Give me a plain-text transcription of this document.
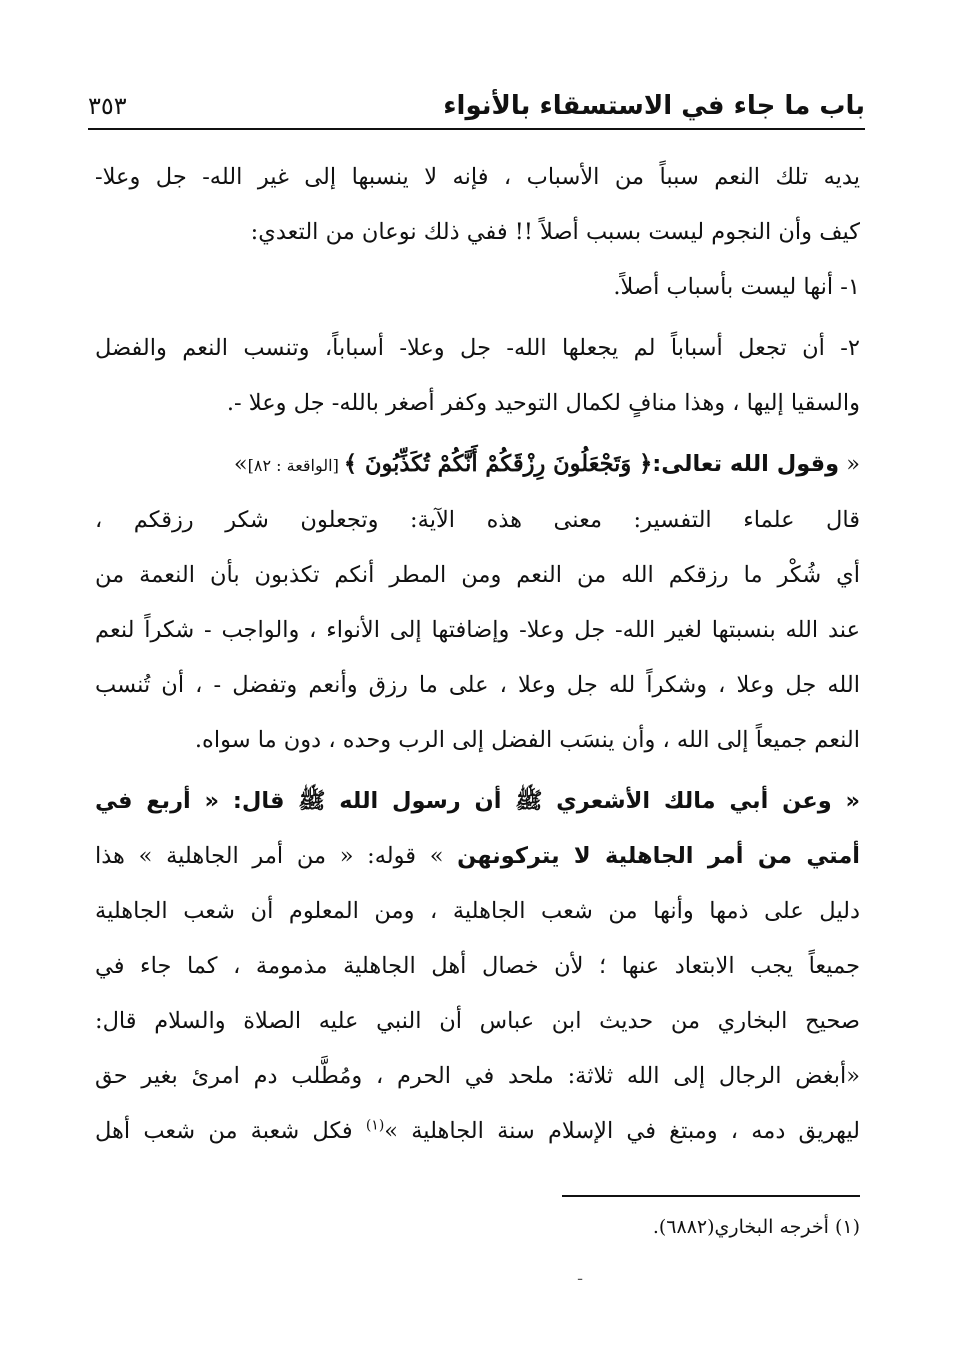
باب ما جاء في الاستسقاء بالأنواء
٣٥٣

يديه تلك النعم سبباً من الأسباب ، فإنه لا ينسبها إلى غير الله- جل وعلا-

كيف وأن النجوم ليست بسبب أصلاً !! ففي ذلك نوعان من التعدي:

١- أنها ليست بأسباب أصلاً.

٢- أن تجعل أسباباً لم يجعلها الله- جل وعلا- أسباباً، وتنسب النعم والفضل

والسقيا إليها ، وهذا منافٍ لكمال التوحيد وكفر أصغر بالله- جل وعلا -.

« وقول الله تعالى:﴿ وَتَجْعَلُونَ رِزْقَكُمْ أَنَّكُمْ تُكَذِّبُونَ ﴾ [الواقعة : ٨٢]»

قال علماء التفسير: معنى هذه الآية: وتجعلون شكر رزقكم ،

أي شُكْر ما رزقكم الله من النعم ومن المطر أنكم تكذبون بأن النعمة من

عند الله بنسبتها لغير الله- جل وعلا- وإضافتها إلى الأنواء ، والواجب - شكراً لنعم

الله جل وعلا ، وشكراً لله جل وعلا ، على ما رزق وأنعم وتفضل - ، أن تُنسب

النعم جميعاً إلى الله ، وأن ينسَب الفضل إلى الرب وحده ، دون ما سواه.

« وعن أبي مالك الأشعري ﷺ أن رسول الله ﷺ قال: « أربع في

أمتي من أمر الجاهلية لا يتركونهن » قوله: « من أمر الجاهلية » هذا

دليل على ذمها وأنها من شعب الجاهلية ، ومن المعلوم أن شعب الجاهلية

جميعاً يجب الابتعاد عنها ؛ لأن خصال أهل الجاهلية مذمومة ، كما جاء في

صحيح البخاري من حديث ابن عباس أن النبي عليه الصلاة والسلام قال:

«أبغض الرجال إلى الله ثلاثة: ملحد في الحرم ، ومُطَّلب دم امرئ بغير حق

ليهريق دمه ، ومبتغ في الإسلام سنة الجاهلية »$^{(١)}$ فكل شعبة من شعب أهل

(١) أخرجه البخاري(٦٨٨٢).
ـ
